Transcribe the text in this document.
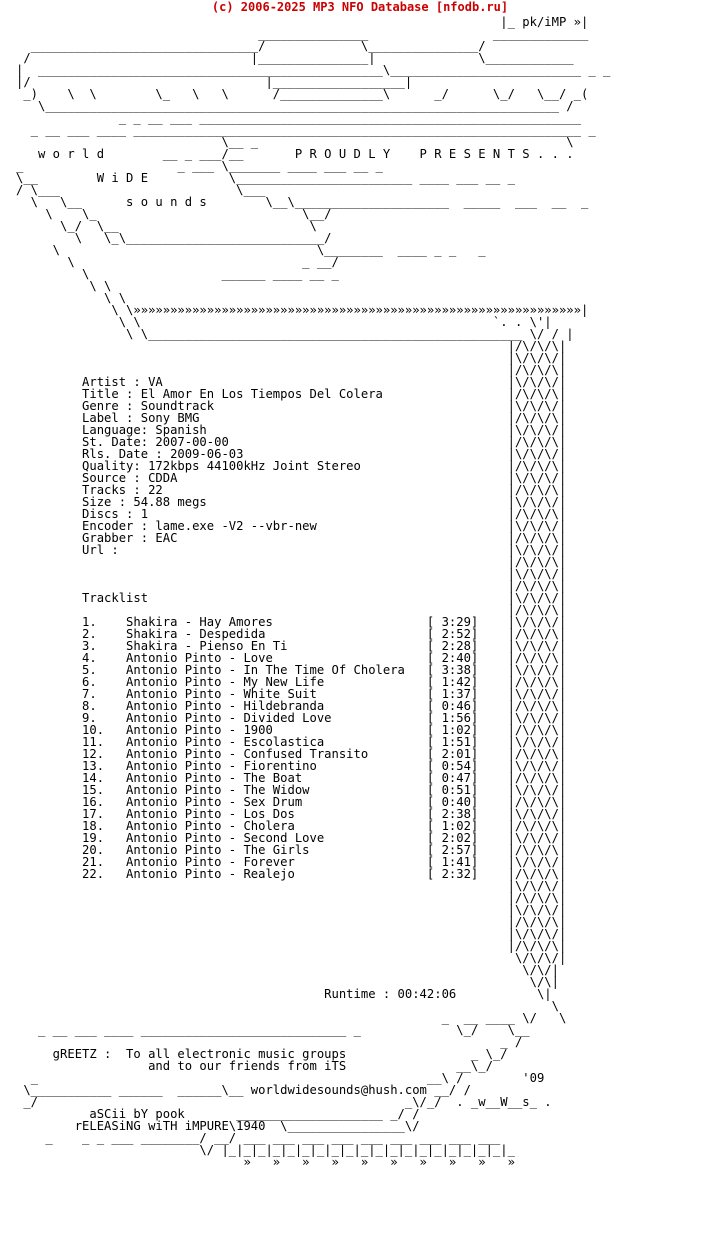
(c) 2006-2025 MP3 NFO Database [nfodb.ru]
|_ pk/iMP »|
_______________                 _____________
_______________________________/             \_______________/
/                              |_______________|              \____________
|  _______________________________________________\__________________________ _ _
|/                                |__________________|
_)    \  \        \_   \   \      /______________\      _/      \_/   \__/ _(
\______________________________________________________________________ /
_ _ __ ___ ____________________________________________________
_ __ ___ ____ _____________________________________________________________ _
\__ _                                          \
w o r l d        __ _ ___/__       P R O U D L Y    P R E S E N T S . . .
_                     _ ___ \_______ ____ ___ __ _
\__        W i D E           \________________________ ____ ___ __ _
/ \___                        \___
\   \__      s o u n d s        \__\_____________________  _____  ___  __  _
\    \_                            \__/
\_/  \__                          \
\   \_\___________________________/
\                                   \________  ____ _ _   _
\                               _ __/
\                  ______ ____ __ _
\ \
\ \
\ \»»»»»»»»»»»»»»»»»»»»»»»»»»»»»»»»»»»»»»»»»»»»»»»»»»»»»»»»»»»»»|
\ \                                                `. . \'|
\ \___________________________________________________ \/ / |
|/\/\/\|
|\/\/\/|
|/\/\/\|
Artist : VA                                               |\/\/\/|
Title : El Amor En Los Tiempos Del Colera                 |/\/\/\|
Genre : Soundtrack                                        |\/\/\/|
Label : Sony BMG                                          |/\/\/\|
Language: Spanish                                         |\/\/\/|
St. Date: 2007-00-00                                      |/\/\/\|
Rls. Date : 2009-06-03                                    |\/\/\/|
Quality: 172kbps 44100kHz Joint Stereo                    |/\/\/\|
Source : CDDA                                             |\/\/\/|
Tracks : 22                                               |/\/\/\|
Size : 54.88 megs                                         |\/\/\/|
Discs : 1                                                 |/\/\/\|
Encoder : lame.exe -V2 --vbr-new                          |\/\/\/|
Grabber : EAC                                             |/\/\/\|
Url :                                                     |\/\/\/|
|/\/\/\|
|\/\/\/|
|/\/\/\|
Tracklist                                                 |\/\/\/|
|/\/\/\|
1.    Shakira - Hay Amores                     [ 3:29]    |\/\/\/|
2.    Shakira - Despedida                      [ 2:52]    |/\/\/\|
3.    Shakira - Pienso En Ti                   [ 2:28]    |\/\/\/|
4.    Antonio Pinto - Love                     [ 2:40]    |/\/\/\|
5.    Antonio Pinto - In The Time Of Cholera   [ 3:38]    |\/\/\/|
6.    Antonio Pinto - My New Life              [ 1:42]    |/\/\/\|
7.    Antonio Pinto - White Suit               [ 1:37]    |\/\/\/|
8.    Antonio Pinto - Hildebranda              [ 0:46]    |/\/\/\|
9.    Antonio Pinto - Divided Love             [ 1:56]    |\/\/\/|
10.   Antonio Pinto - 1900                     [ 1:02]    |/\/\/\|
11.   Antonio Pinto - Escolastica              [ 1:51]    |\/\/\/|
12.   Antonio Pinto - Confused Transito        [ 2:01]    |/\/\/\|
13.   Antonio Pinto - Fiorentino               [ 0:54]    |\/\/\/|
14.   Antonio Pinto - The Boat                 [ 0:47]    |/\/\/\|
15.   Antonio Pinto - The Widow                [ 0:51]    |\/\/\/|
16.   Antonio Pinto - Sex Drum                 [ 0:40]    |/\/\/\|
17.   Antonio Pinto - Los Dos                  [ 2:38]    |\/\/\/|
18.   Antonio Pinto - Cholera                  [ 1:02]    |/\/\/\|
19.   Antonio Pinto - Second Love              [ 2:02]    |\/\/\/|
20.   Antonio Pinto - The Girls                [ 2:57]    |/\/\/\|
21.   Antonio Pinto - Forever                  [ 1:41]    |\/\/\/|
22.   Antonio Pinto - Realejo                  [ 2:32]    |/\/\/\|
|\/\/\/|
|/\/\/\|
|\/\/\/|
|/\/\/\|
|\/\/\/|
|/\/\/\|
\/\/\/|
\/\/|
\/\|
Runtime : 00:42:06           \|
\
_  __ ____ \/   \
_ __ ___ ____ ____________________________ _             \_/    \__
_ /
gREETZ :  To all electronic music groups                 _ \_/
and to our friends from iTS               __\_/
_                                                     __\ /        '09
\___________ ______  ______\__ worldwidesounds@hush.com __/ /
_/                                                  _\/_/  . _w__W__s_ .
aSCii bY pook       ____________________ _/ /
rELEASiNG wiTH iMPURE\1940  \________________\/
_    _ _ ___ ________/ __/ ___ ___ ___ ___ ___ ___ ___ ___ ___
\/ |_|_|_|_|_|_|_|_|_|_|_|_|_|_|_|_|_|_|_|_
»   »   »   »   »   »   »   »   »   »
